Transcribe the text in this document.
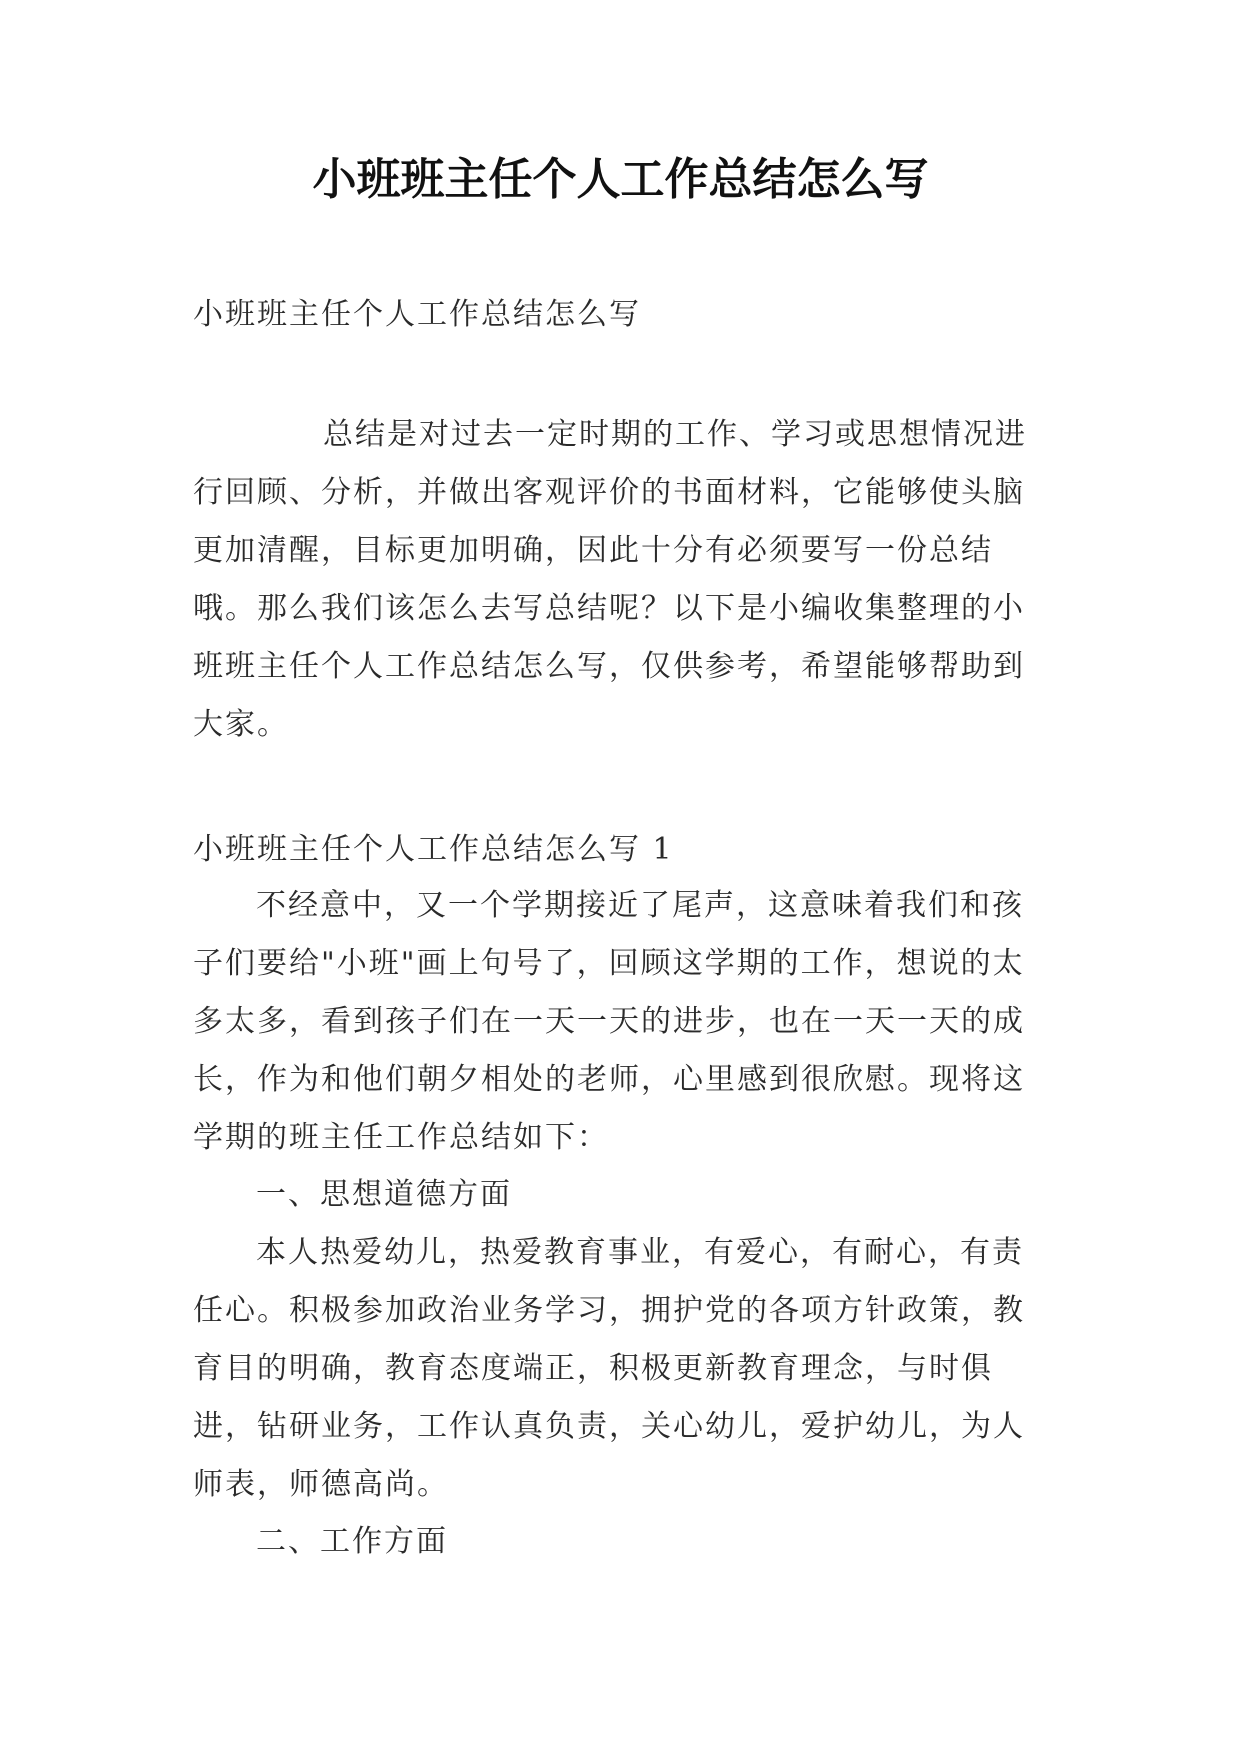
小班班主任个人工作总结怎么写

小班班主任个人工作总结怎么写

总结是对过去一定时期的工作、学习或思想情况进行回顾、分析，并做出客观评价的书面材料，它能够使头脑更加清醒，目标更加明确，因此十分有必须要写一份总结哦。那么我们该怎么去写总结呢？以下是小编收集整理的小班班主任个人工作总结怎么写，仅供参考，希望能够帮助到大家。

小班班主任个人工作总结怎么写 1

不经意中，又一个学期接近了尾声，这意味着我们和孩子们要给"小班"画上句号了，回顾这学期的工作，想说的太多太多，看到孩子们在一天一天的进步，也在一天一天的成长，作为和他们朝夕相处的老师，心里感到很欣慰。现将这学期的班主任工作总结如下：

一、思想道德方面

本人热爱幼儿，热爱教育事业，有爱心，有耐心，有责任心。积极参加政治业务学习，拥护党的各项方针政策，教育目的明确，教育态度端正，积极更新教育理念，与时俱进，钻研业务，工作认真负责，关心幼儿，爱护幼儿，为人师表，师德高尚。

二、工作方面
